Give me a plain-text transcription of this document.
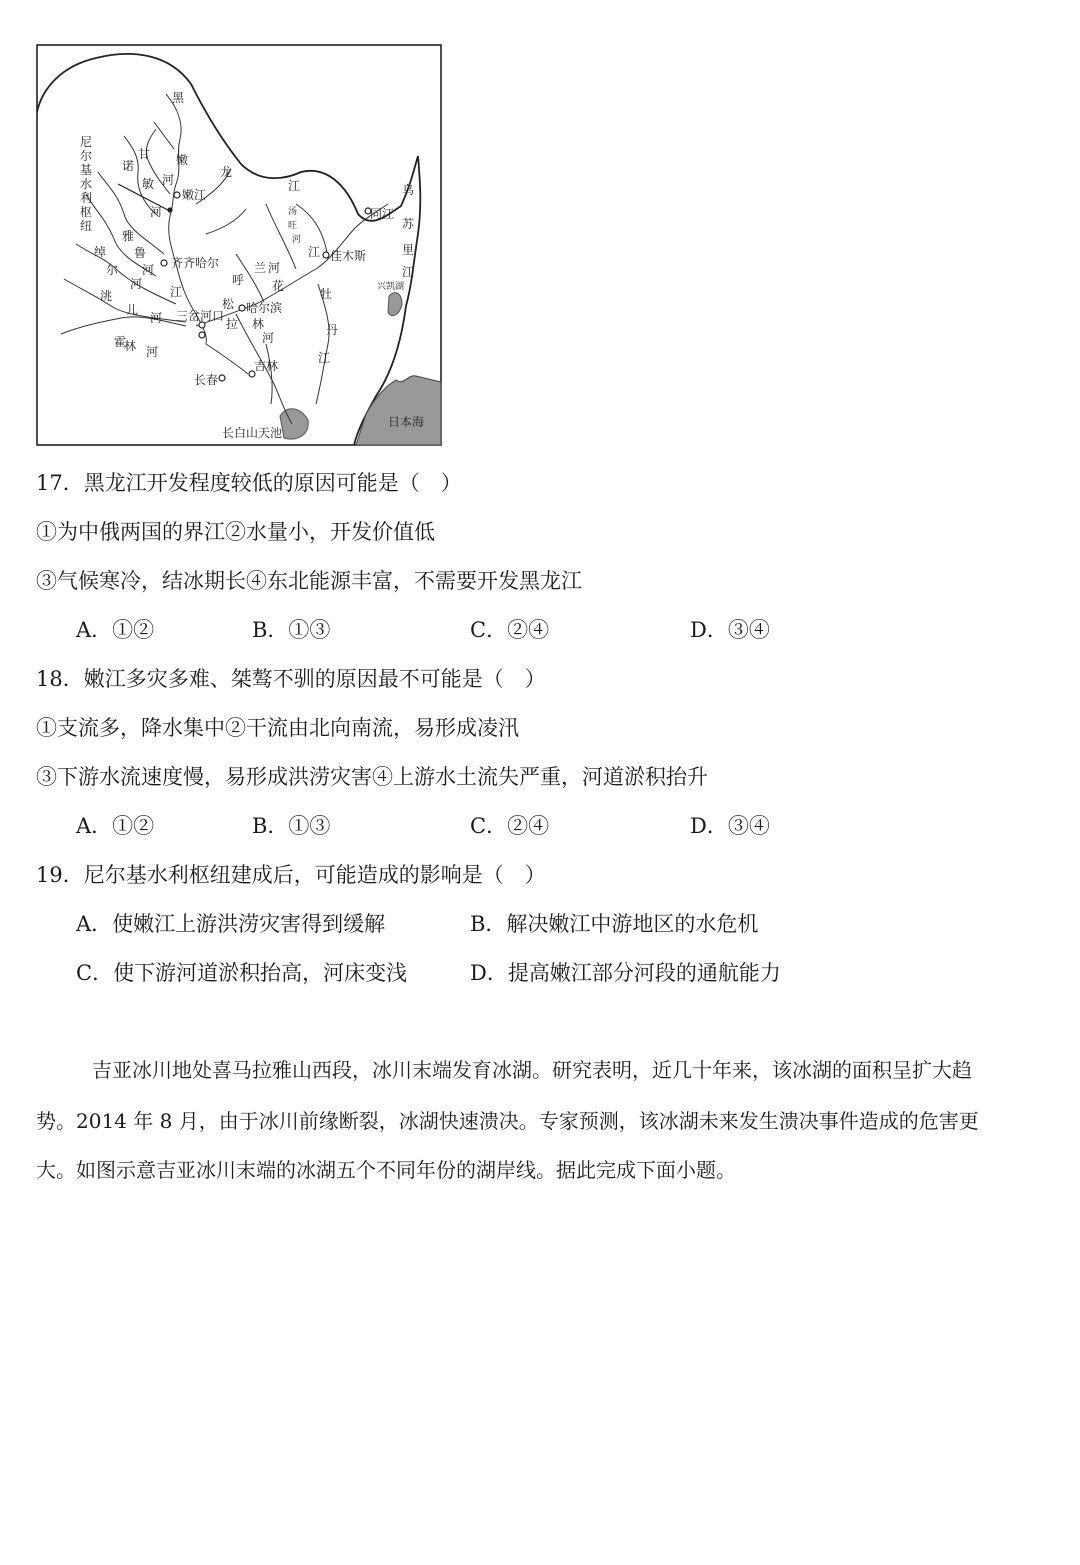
嫩江
齐齐哈尔
哈尔滨
佳木斯
同江
三岔河口
长春
吉林
长白山天池
兴凯湖
日本海
尼
尔
基
水
利
枢
纽
黑
龙
江
甘
河
诺
敏
河
嫩
江
雅
鲁
河
绰
尔
河
洮
儿
河
霍
林 河
松
花
江
汤
旺
河
呼
兰 河
拉 林
河
牡
丹
江
乌
苏
里
江
17．黑龙江开发程度较低的原因可能是（　）
①为中俄两国的界江②水量小，开发价值低
③气候寒冷，结冰期长④东北能源丰富，不需要开发黑龙江
A．①②	B．①③	C．②④	D．③④
18．嫩江多灾多难、桀骜不驯的原因最不可能是（　）
①支流多，降水集中②干流由北向南流，易形成凌汛
③下游水流速度慢，易形成洪涝灾害④上游水土流失严重，河道淤积抬升
A．①②	B．①③	C．②④	D．③④
19．尼尔基水利枢纽建成后，可能造成的影响是（　）
A．使嫩江上游洪涝灾害得到缓解	B．解决嫩江中游地区的水危机
C．使下游河道淤积抬高，河床变浅	D．提高嫩江部分河段的通航能力
吉亚冰川地处喜马拉雅山西段，冰川末端发育冰湖。研究表明，近几十年来，该冰湖的面积呈扩大趋
势。2014 年 8 月，由于冰川前缘断裂，冰湖快速溃决。专家预测，该冰湖未来发生溃决事件造成的危害更
大。如图示意吉亚冰川末端的冰湖五个不同年份的湖岸线。据此完成下面小题。
